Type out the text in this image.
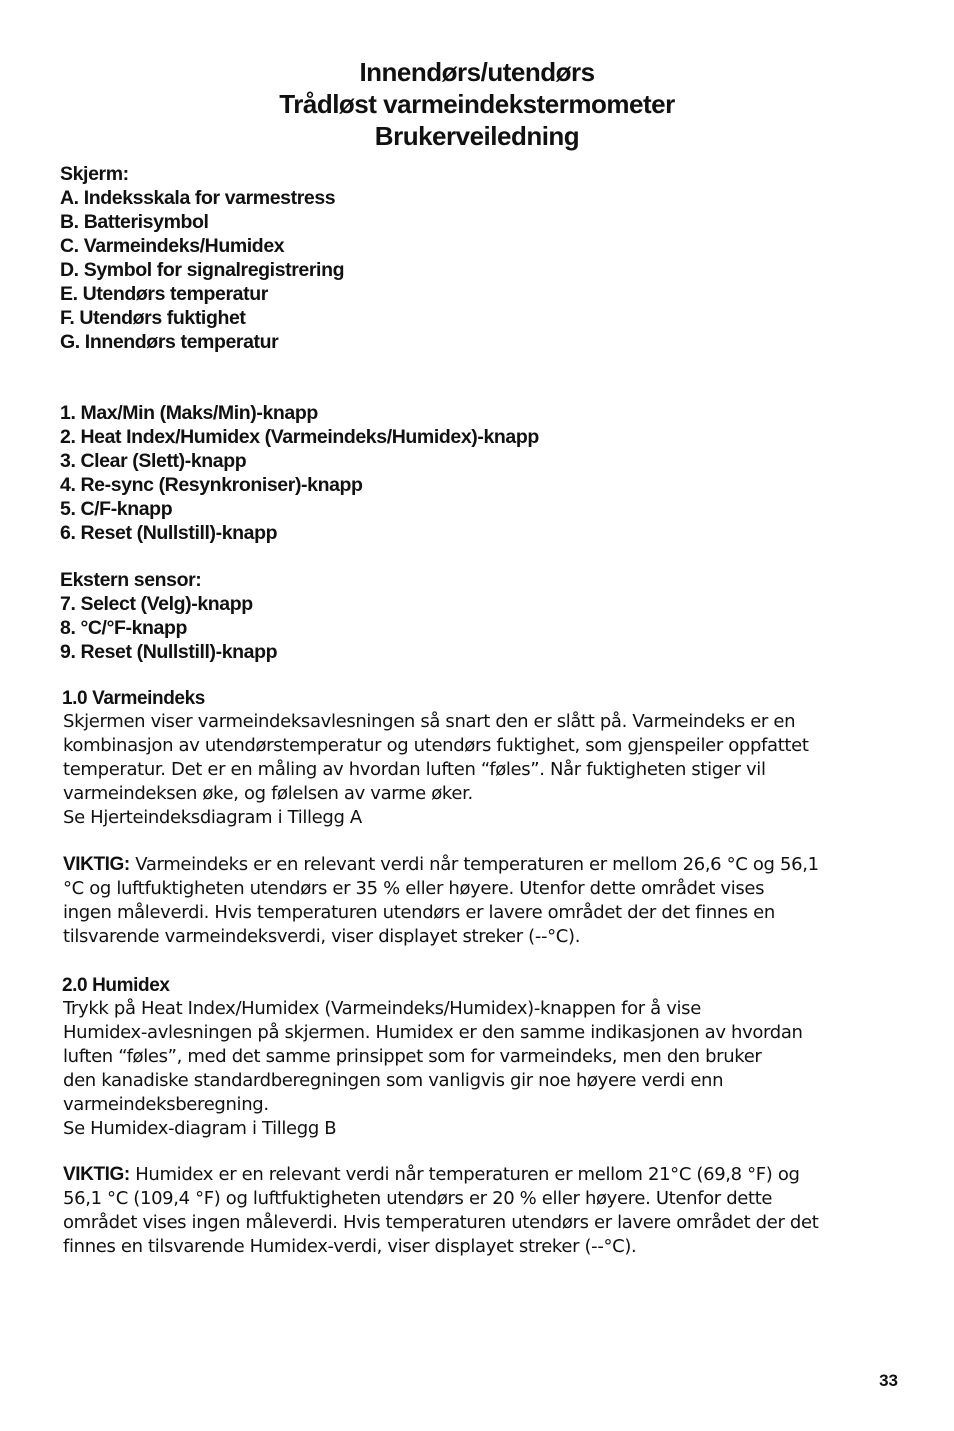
Innendørs/utendørs
Trådløst varmeindekstermometer
Brukerveiledning
Skjerm:
A. Indeksskala for varmestress
B. Batterisymbol
C. Varmeindeks/Humidex
D. Symbol for signalregistrering
E. Utendørs temperatur
F. Utendørs fuktighet
G. Innendørs temperatur
1. Max/Min (Maks/Min)-knapp
2. Heat Index/Humidex (Varmeindeks/Humidex)-knapp
3. Clear (Slett)-knapp
4. Re-sync (Resynkroniser)-knapp
5. C/F-knapp
6. Reset (Nullstill)-knapp
Ekstern sensor:
7. Select (Velg)-knapp
8. °C/°F-knapp
9. Reset (Nullstill)-knapp
1.0 Varmeindeks
Skjermen viser varmeindeksavlesningen så snart den er slått på. Varmeindeks er en
kombinasjon av utendørstemperatur og utendørs fuktighet, som gjenspeiler oppfattet
temperatur. Det er en måling av hvordan luften “føles”. Når fuktigheten stiger vil
varmeindeksen øke, og følelsen av varme øker.
Se Hjerteindeksdiagram i Tillegg A
VIKTIG: Varmeindeks er en relevant verdi når temperaturen er mellom 26,6 °C og 56,1
°C og luftfuktigheten utendørs er 35 % eller høyere. Utenfor dette området vises
ingen måleverdi. Hvis temperaturen utendørs er lavere området der det finnes en
tilsvarende varmeindeksverdi, viser displayet streker (--°C).
2.0 Humidex
Trykk på Heat Index/Humidex (Varmeindeks/Humidex)-knappen for å vise
Humidex-avlesningen på skjermen. Humidex er den samme indikasjonen av hvordan
luften “føles”, med det samme prinsippet som for varmeindeks, men den bruker
den kanadiske standardberegningen som vanligvis gir noe høyere verdi enn
varmeindeksberegning.
Se Humidex-diagram i Tillegg B
VIKTIG: Humidex er en relevant verdi når temperaturen er mellom 21°C (69,8 °F) og
56,1 °C (109,4 °F) og luftfuktigheten utendørs er 20 % eller høyere. Utenfor dette
området vises ingen måleverdi. Hvis temperaturen utendørs er lavere området der det
finnes en tilsvarende Humidex-verdi, viser displayet streker (--°C).
33
